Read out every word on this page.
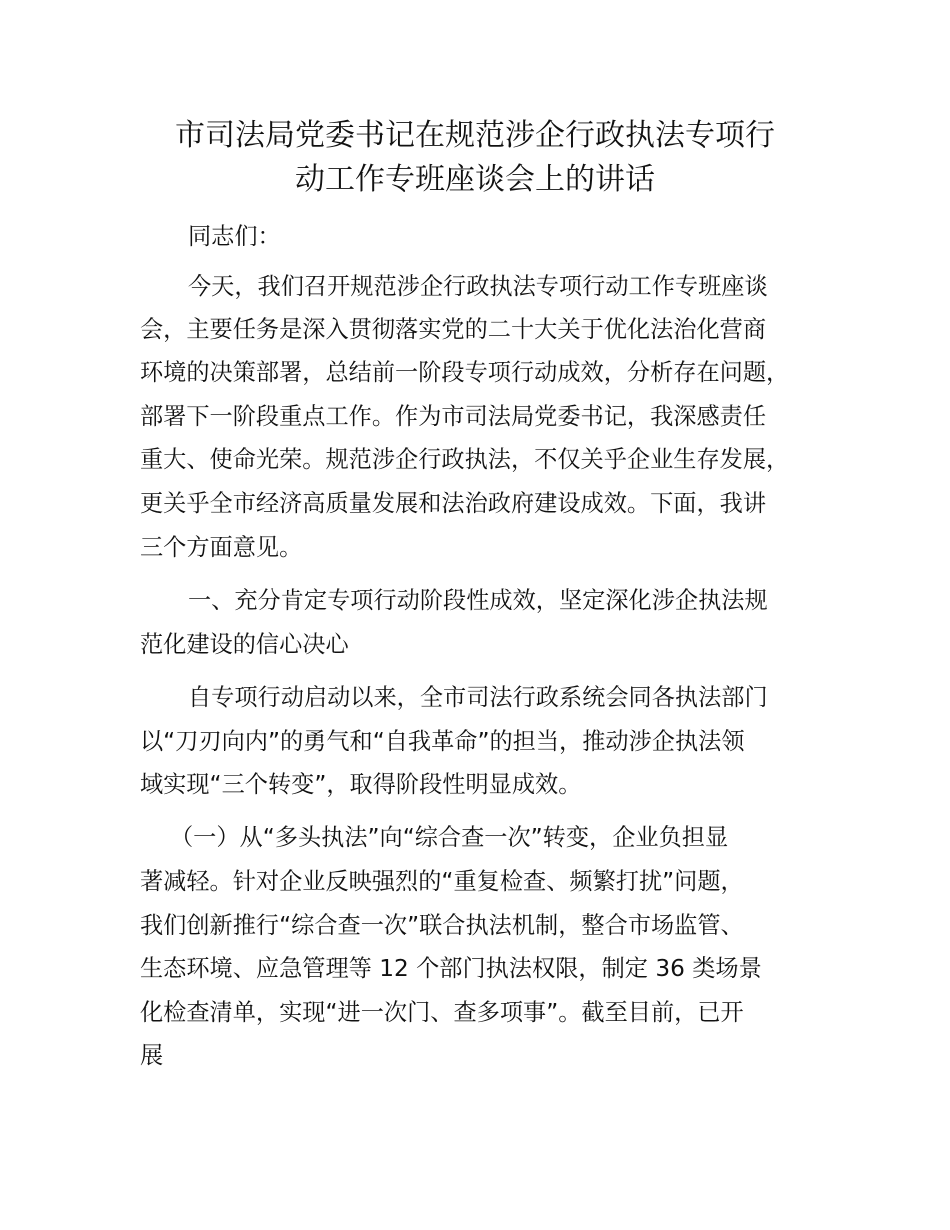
市司法局党委书记在规范涉企行政执法专项行
动工作专班座谈会上的讲话

同志们：

今天，我们召开规范涉企行政执法专项行动工作专班座谈

会，主要任务是深入贯彻落实党的二十大关于优化法治化营商

环境的决策部署，总结前一阶段专项行动成效，分析存在问题，

部署下一阶段重点工作。作为市司法局党委书记，我深感责任

重大、使命光荣。规范涉企行政执法，不仅关乎企业生存发展，

更关乎全市经济高质量发展和法治政府建设成效。下面，我讲

三个方面意见。

一、充分肯定专项行动阶段性成效，坚定深化涉企执法规

范化建设的信心决心

自专项行动启动以来，全市司法行政系统会同各执法部门

以“刀刃向内”的勇气和“自我革命”的担当，推动涉企执法领

域实现“三个转变”，取得阶段性明显成效。

（一）从“多头执法”向“综合查一次”转变，企业负担显

著减轻。针对企业反映强烈的“重复检查、频繁打扰”问题，

我们创新推行“综合查一次”联合执法机制，整合市场监管、

生态环境、应急管理等 12 个部门执法权限，制定 36 类场景

化检查清单，实现“进一次门、查多项事”。截至目前，已开

展
